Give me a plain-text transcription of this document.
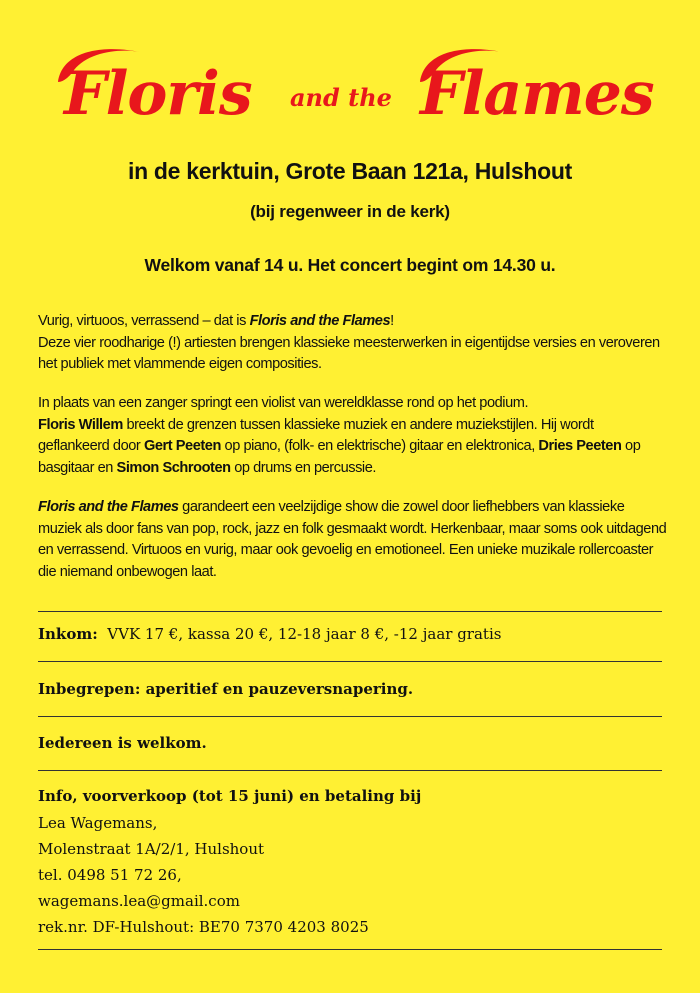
Floris and the Flames
in de kerktuin, Grote Baan 121a, Hulshout
(bij regenweer in de kerk)
Welkom vanaf 14 u. Het concert begint om 14.30 u.
Vurig, virtuoos, verrassend – dat is Floris and the Flames!
Deze vier roodharige (!) artiesten brengen klassieke meesterwerken in eigentijdse versies en veroveren het publiek met vlammende eigen composities.
In plaats van een zanger springt een violist van wereldklasse rond op het podium.
Floris Willem breekt de grenzen tussen klassieke muziek en andere muziekstijlen. Hij wordt geflankeerd door Gert Peeten op piano, (folk- en elektrische) gitaar en elektronica, Dries Peeten op basgitaar en Simon Schrooten op drums en percussie.
Floris and the Flames garandeert een veelzijdige show die zowel door liefhebbers van klassieke muziek als door fans van pop, rock, jazz en folk gesmaakt wordt. Herkenbaar, maar soms ook uitdagend en verrassend. Virtuoos en vurig, maar ook gevoelig en emotioneel. Een unieke muzikale rollercoaster die niemand onbewogen laat.
Inkom: VVK 17 €, kassa 20 €, 12-18 jaar 8 €, -12 jaar gratis
Inbegrepen: aperitief en pauzeversnapering.
Iedereen is welkom.
Info, voorverkoop (tot 15 juni) en betaling bij
Lea Wagemans,
Molenstraat 1A/2/1, Hulshout
tel. 0498 51 72 26,
wagemans.lea@gmail.com
rek.nr. DF-Hulshout: BE70 7370 4203 8025
